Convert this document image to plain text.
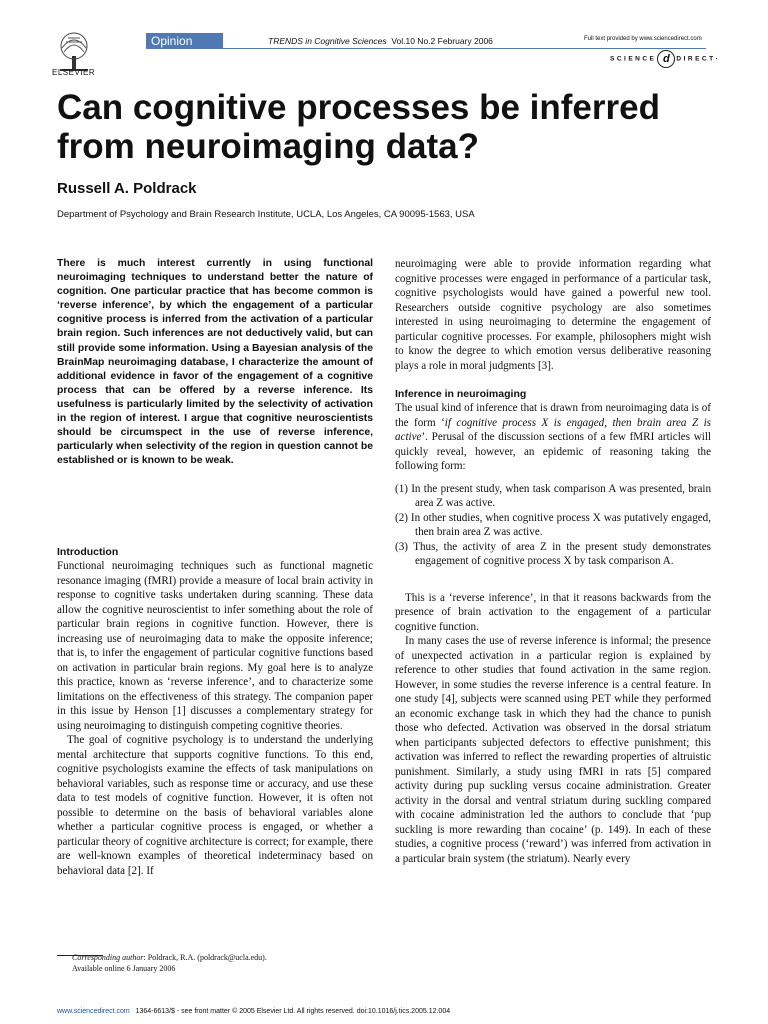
ELSEVIER
Opinion	TRENDS in Cognitive Sciences Vol.10 No.2 February 2006	Full text provided by www.sciencedirect.com
SCIENCE d DIRECT·
Can cognitive processes be inferred from neuroimaging data?
Russell A. Poldrack
Department of Psychology and Brain Research Institute, UCLA, Los Angeles, CA 90095-1563, USA

There is much interest currently in using functional neuroimaging techniques to understand better the nature of cognition. One particular practice that has become common is ‘reverse inference’, by which the engagement of a particular cognitive process is inferred from the activation of a particular brain region. Such inferences are not deductively valid, but can still provide some information. Using a Bayesian analysis of the BrainMap neuroimaging database, I characterize the amount of additional evidence in favor of the engagement of a cognitive process that can be offered by a reverse inference. Its usefulness is particularly limited by the selectivity of activation in the region of interest. I argue that cognitive neuroscientists should be circumspect in the use of reverse inference, particularly when selectivity of the region in question cannot be established or is known to be weak.

Introduction

Functional neuroimaging techniques such as functional magnetic resonance imaging (fMRI) provide a measure of local brain activity in response to cognitive tasks undertaken during scanning. These data allow the cognitive neuroscientist to infer something about the role of particular brain regions in cognitive function. However, there is increasing use of neuroimaging data to make the opposite inference; that is, to infer the engagement of particular cognitive functions based on activation in particular brain regions. My goal here is to analyze this practice, known as ‘reverse inference’, and to characterize some limitations on the effectiveness of this strategy. The companion paper in this issue by Henson [1] discusses a complementary strategy for using neuroimaging to distinguish competing cognitive theories.

The goal of cognitive psychology is to understand the underlying mental architecture that supports cognitive functions. To this end, cognitive psychologists examine the effects of task manipulations on behavioral variables, such as response time or accuracy, and use these data to test models of cognitive function. However, it is often not possible to determine on the basis of behavioral variables alone whether a particular cognitive process is engaged, or whether a particular theory of cognitive architecture is correct; for example, there are well-known examples of theoretical indeterminacy based on behavioral data [2]. If

neuroimaging were able to provide information regarding what cognitive processes were engaged in performance of a particular task, cognitive psychologists would have gained a powerful new tool. Researchers outside cognitive psychology are also sometimes interested in using neuroimaging to determine the engagement of particular cognitive processes. For example, philosophers might wish to know the degree to which emotion versus deliberative reasoning plays a role in moral judgments [3].

Inference in neuroimaging

The usual kind of inference that is drawn from neuroimaging data is of the form ‘if cognitive process X is engaged, then brain area Z is active’. Perusal of the discussion sections of a few fMRI articles will quickly reveal, however, an epidemic of reasoning taking the following form:

(1) In the present study, when task comparison A was presented, brain area Z was active.
(2) In other studies, when cognitive process X was putatively engaged, then brain area Z was active.
(3) Thus, the activity of area Z in the present study demonstrates engagement of cognitive process X by task comparison A.

This is a ‘reverse inference’, in that it reasons backwards from the presence of brain activation to the engagement of a particular cognitive function.

In many cases the use of reverse inference is informal; the presence of unexpected activation in a particular region is explained by reference to other studies that found activation in the same region. However, in some studies the reverse inference is a central feature. In one study [4], subjects were scanned using PET while they performed an economic exchange task in which they had the chance to punish those who defected. Activation was observed in the dorsal striatum when participants subjected defectors to effective punishment; this activation was inferred to reflect the rewarding properties of altruistic punishment. Similarly, a study using fMRI in rats [5] compared activity during pup suckling versus cocaine administration. Greater activity in the dorsal and ventral striatum during suckling compared with cocaine administration led the authors to conclude that ‘pup suckling is more rewarding than cocaine’ (p. 149). In each of these studies, a cognitive process (‘reward’) was inferred from activation in a particular brain system (the striatum). Nearly every

Corresponding author: Poldrack, R.A. (poldrack@ucla.edu).
Available online 6 January 2006
www.sciencedirect.com 1364-6613/$ - see front matter © 2005 Elsevier Ltd. All rights reserved. doi:10.1016/j.tics.2005.12.004
